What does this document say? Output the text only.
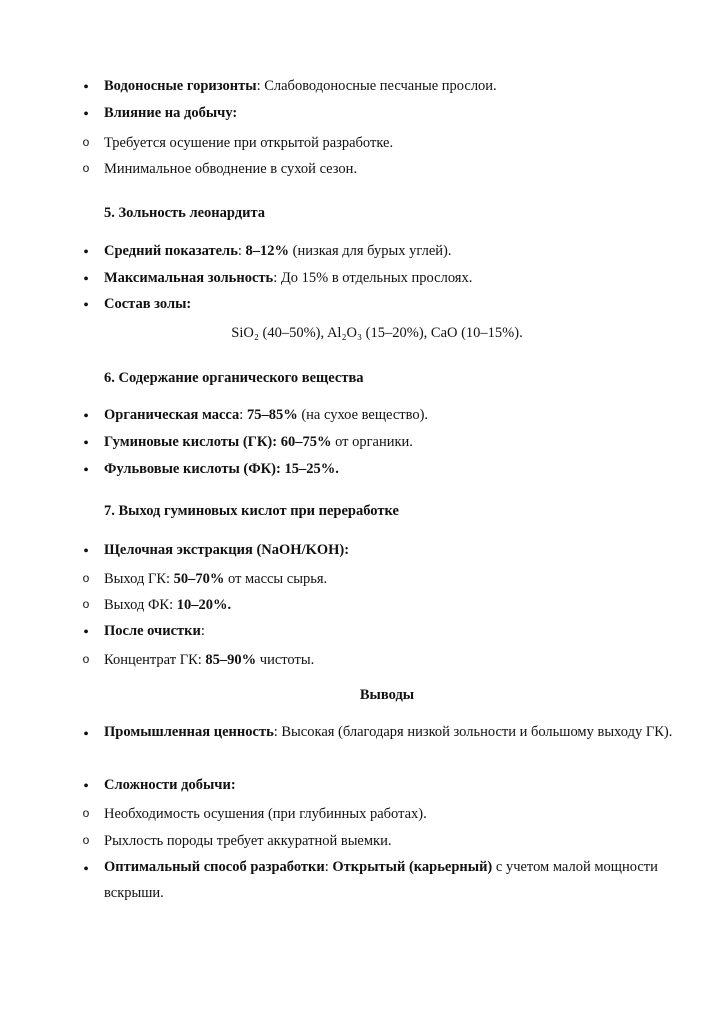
•

Водоносные горизонты: Слабоводоносные песчаные прослои.

•

Влияние на добычу:

o

Требуется осушение при открытой разработке.

o

Минимальное обводнение в сухой сезон.

5. Зольность леонардита

•

Средний показатель: 8–12% (низкая для бурых углей).

•

Максимальная зольность: До 15% в отдельных прослоях.

•

Состав золы:

SiO₂ (40–50%), Al₂O₃ (15–20%), CaO (10–15%).

6. Содержание органического вещества

•

Органическая масса: 75–85% (на сухое вещество).

•

Гуминовые кислоты (ГК): 60–75% от органики.

•

Фульвовые кислоты (ФК): 15–25%.

7. Выход гуминовых кислот при переработке

•

Щелочная экстракция (NaOH/KOH):

o

Выход ГК: 50–70% от массы сырья.

o

Выход ФК: 10–20%.

•

После очистки:

o

Концентрат ГК: 85–90% чистоты.

Выводы

•

Промышленная ценность: Высокая (благодаря низкой зольности и большому выходу ГК).

•

Сложности добычи:

o

Необходимость осушения (при глубинных работах).

o

Рыхлость породы требует аккуратной выемки.

•

Оптимальный способ разработки: Открытый (карьерный) с учетом малой мощности вскрыши.
